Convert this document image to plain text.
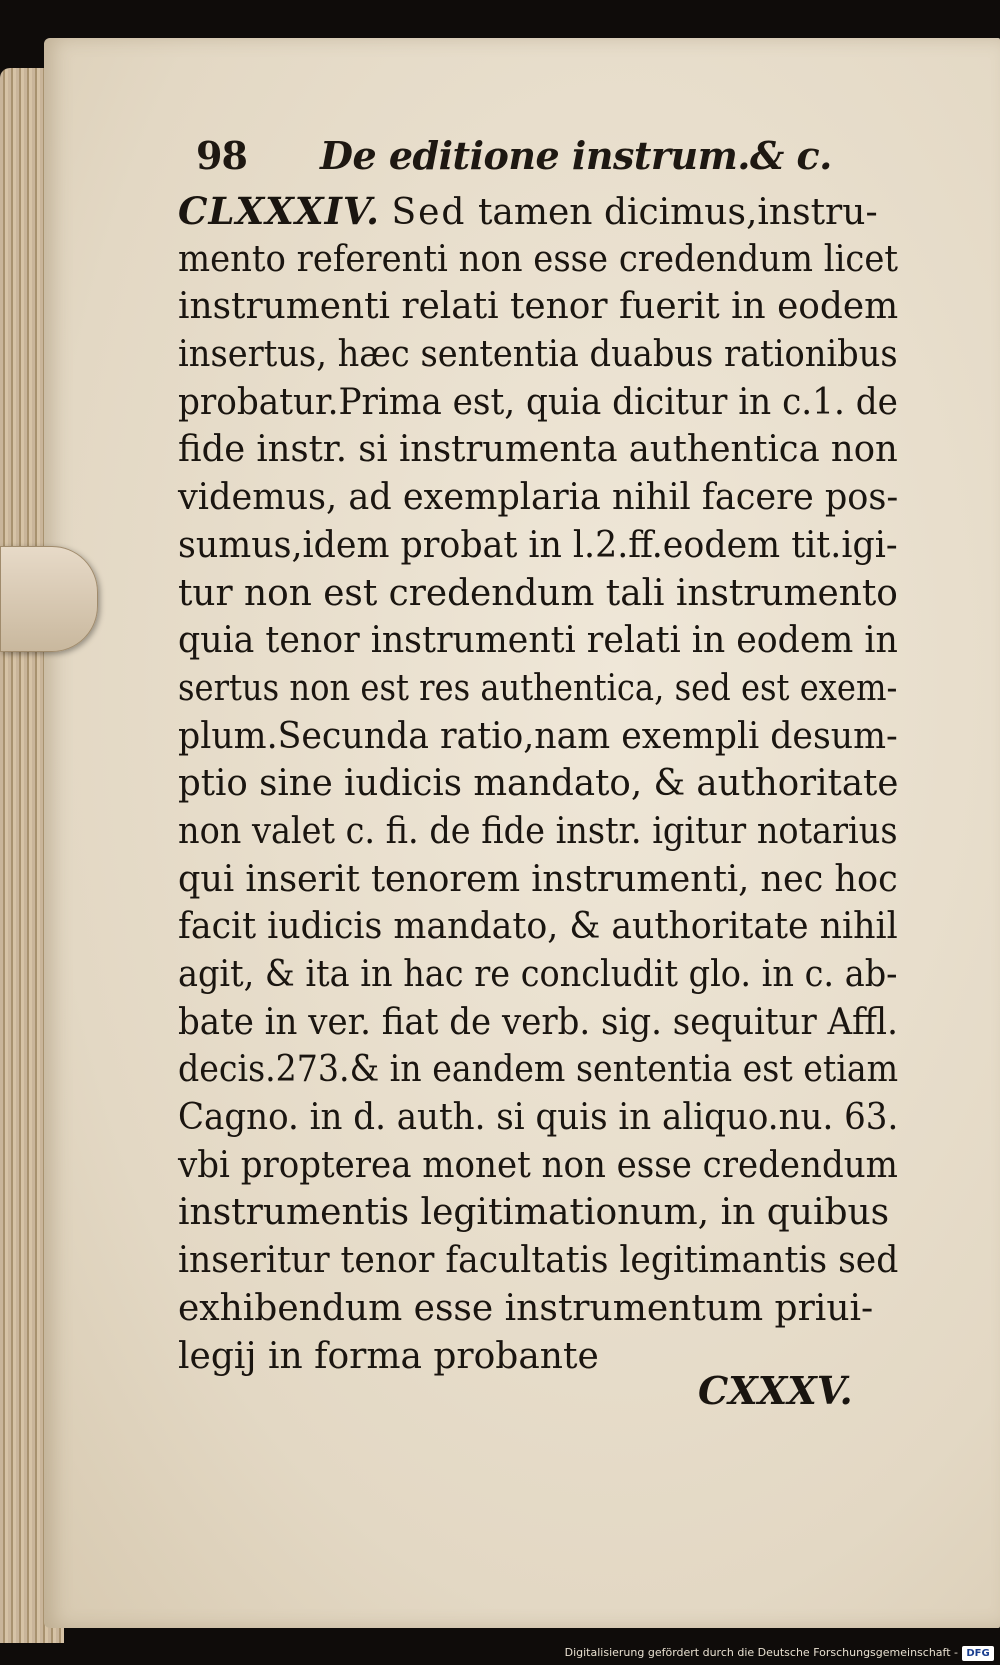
98 De editione instrum.& c.
CLXXXIV. Sed tamen dicimus,instru-
mento referenti non esse credendum licet
instrumenti relati tenor fuerit in eodem
insertus, hæc sententia duabus rationibus
probatur.Prima est, quia dicitur in c.1. de
fide instr. si instrumenta authentica non
videmus, ad exemplaria nihil facere pos-
sumus,idem probat in l.2.ff.eodem tit.igi-
tur non est credendum tali instrumento
quia tenor instrumenti relati in eodem in
sertus non est res authentica, sed est exem-
plum.Secunda ratio,nam exempli desum-
ptio sine iudicis mandato, & authoritate
non valet c. fi. de fide instr. igitur notarius
qui inserit tenorem instrumenti, nec hoc
facit iudicis mandato, & authoritate nihil
agit, & ita in hac re concludit glo. in c. ab-
bate in ver. fiat de verb. sig. sequitur Affl.
decis.273.& in eandem sententia est etiam
Cagno. in d. auth. si quis in aliquo.nu. 63.
vbi propterea monet non esse credendum
instrumentis legitimationum, in quibus
inseritur tenor facultatis legitimantis sed
exhibendum esse instrumentum priui-
legij in forma probante
CXXXV.
Digitalisierung gefördert durch die Deutsche Forschungsgemeinschaft - DFG
